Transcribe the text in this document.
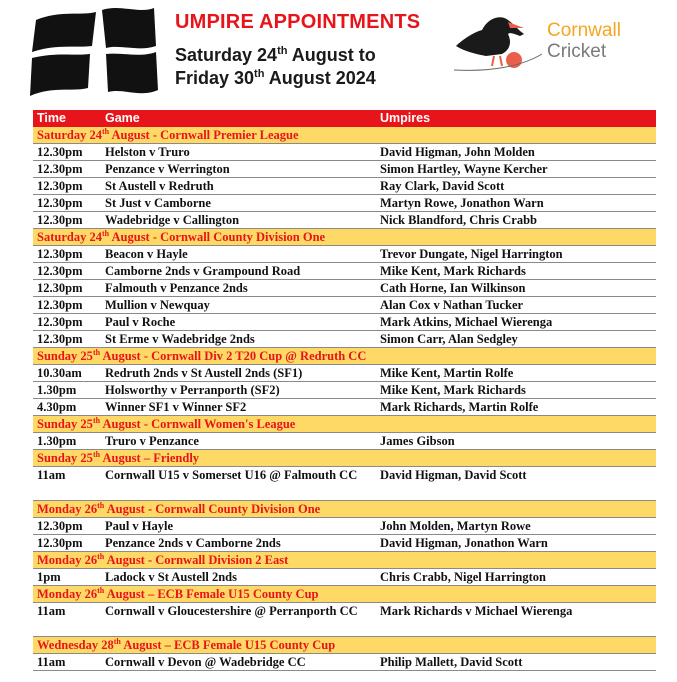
UMPIRE APPOINTMENTS
Saturday 24th August to
Friday 30th August 2024
Cornwall
Cricket
Time	Game	Umpires
Saturday 24th August - Cornwall Premier League		
12.30pm	Helston v Truro	David Higman, John Molden
12.30pm	Penzance v Werrington	Simon Hartley, Wayne Kercher
12.30pm	St Austell v Redruth	Ray Clark, David Scott
12.30pm	St Just v Camborne	Martyn Rowe, Jonathon Warn
12.30pm	Wadebridge v Callington	Nick Blandford, Chris Crabb
Saturday 24th August - Cornwall County Division One		
12.30pm	Beacon v Hayle	Trevor Dungate, Nigel Harrington
12.30pm	Camborne 2nds v Grampound Road	Mike Kent, Mark Richards
12.30pm	Falmouth v Penzance 2nds	Cath Horne, Ian Wilkinson
12.30pm	Mullion v Newquay	Alan Cox v Nathan Tucker
12.30pm	Paul v Roche	Mark Atkins, Michael Wierenga
12.30pm	St Erme v Wadebridge 2nds	Simon Carr, Alan Sedgley
Sunday 25th August - Cornwall Div 2 T20 Cup @ Redruth CC		
10.30am	Redruth 2nds v St Austell 2nds (SF1)	Mike Kent, Martin Rolfe
1.30pm	Holsworthy v Perranporth (SF2)	Mike Kent, Mark Richards
4.30pm	Winner SF1 v Winner SF2	Mark Richards, Martin Rolfe
Sunday 25th August - Cornwall Women's League		
1.30pm	Truro v Penzance	James Gibson
Sunday 25th August – Friendly		
11am	Cornwall U15 v Somerset U16 @ Falmouth CC	David Higman, David Scott
Monday 26th August - Cornwall County Division One		
12.30pm	Paul v Hayle	John Molden, Martyn Rowe
12.30pm	Penzance 2nds v Camborne 2nds	David Higman, Jonathon Warn
Monday 26th August - Cornwall Division 2 East		
1pm	Ladock v St Austell 2nds	Chris Crabb, Nigel Harrington
Monday 26th August – ECB Female U15 County Cup		
11am	Cornwall v Gloucestershire @ Perranporth CC	Mark Richards v Michael Wierenga
Wednesday 28th August – ECB Female U15 County Cup		
11am	Cornwall v Devon @ Wadebridge CC	Philip Mallett, David Scott
